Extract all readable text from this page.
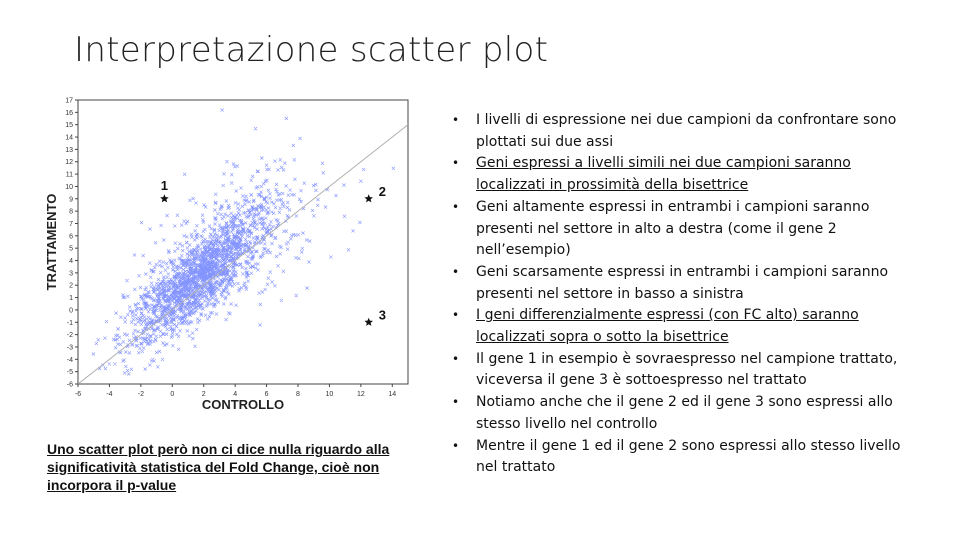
Interpretazione scatter plot
-6	-4	-2	0	2	4	6	8	10	12	14
-6
-5
-4
-3
-2
-1
0
1
2
3
4
5
6
7
8
9
10
11
12
13
14
15
16
17
1	2
3
CONTROLLO
TRATTAMENTO
Uno scatter plot però non ci dice nulla riguardo alla significatività statistica del Fold Change, cioè non incorpora il p-value
• I livelli di espressione nei due campioni da confrontare sono plottati sui due assi
• Geni espressi a livelli simili nei due campioni saranno localizzati in prossimità della bisettrice
• Geni altamente espressi in entrambi i campioni saranno presenti nel settore in alto a destra (come il gene 2 nell’esempio)
• Geni scarsamente espressi in entrambi i campioni saranno presenti nel settore in basso a sinistra
• I geni differenzialmente espressi (con FC alto) saranno localizzati sopra o sotto la bisettrice
• Il gene 1 in esempio è sovraespresso nel campione trattato, viceversa il gene 3 è sottoespresso nel trattato
• Notiamo anche che il gene 2 ed il gene 3 sono espressi allo stesso livello nel controllo
• Mentre il gene 1 ed il gene 2 sono espressi allo stesso livello nel trattato
